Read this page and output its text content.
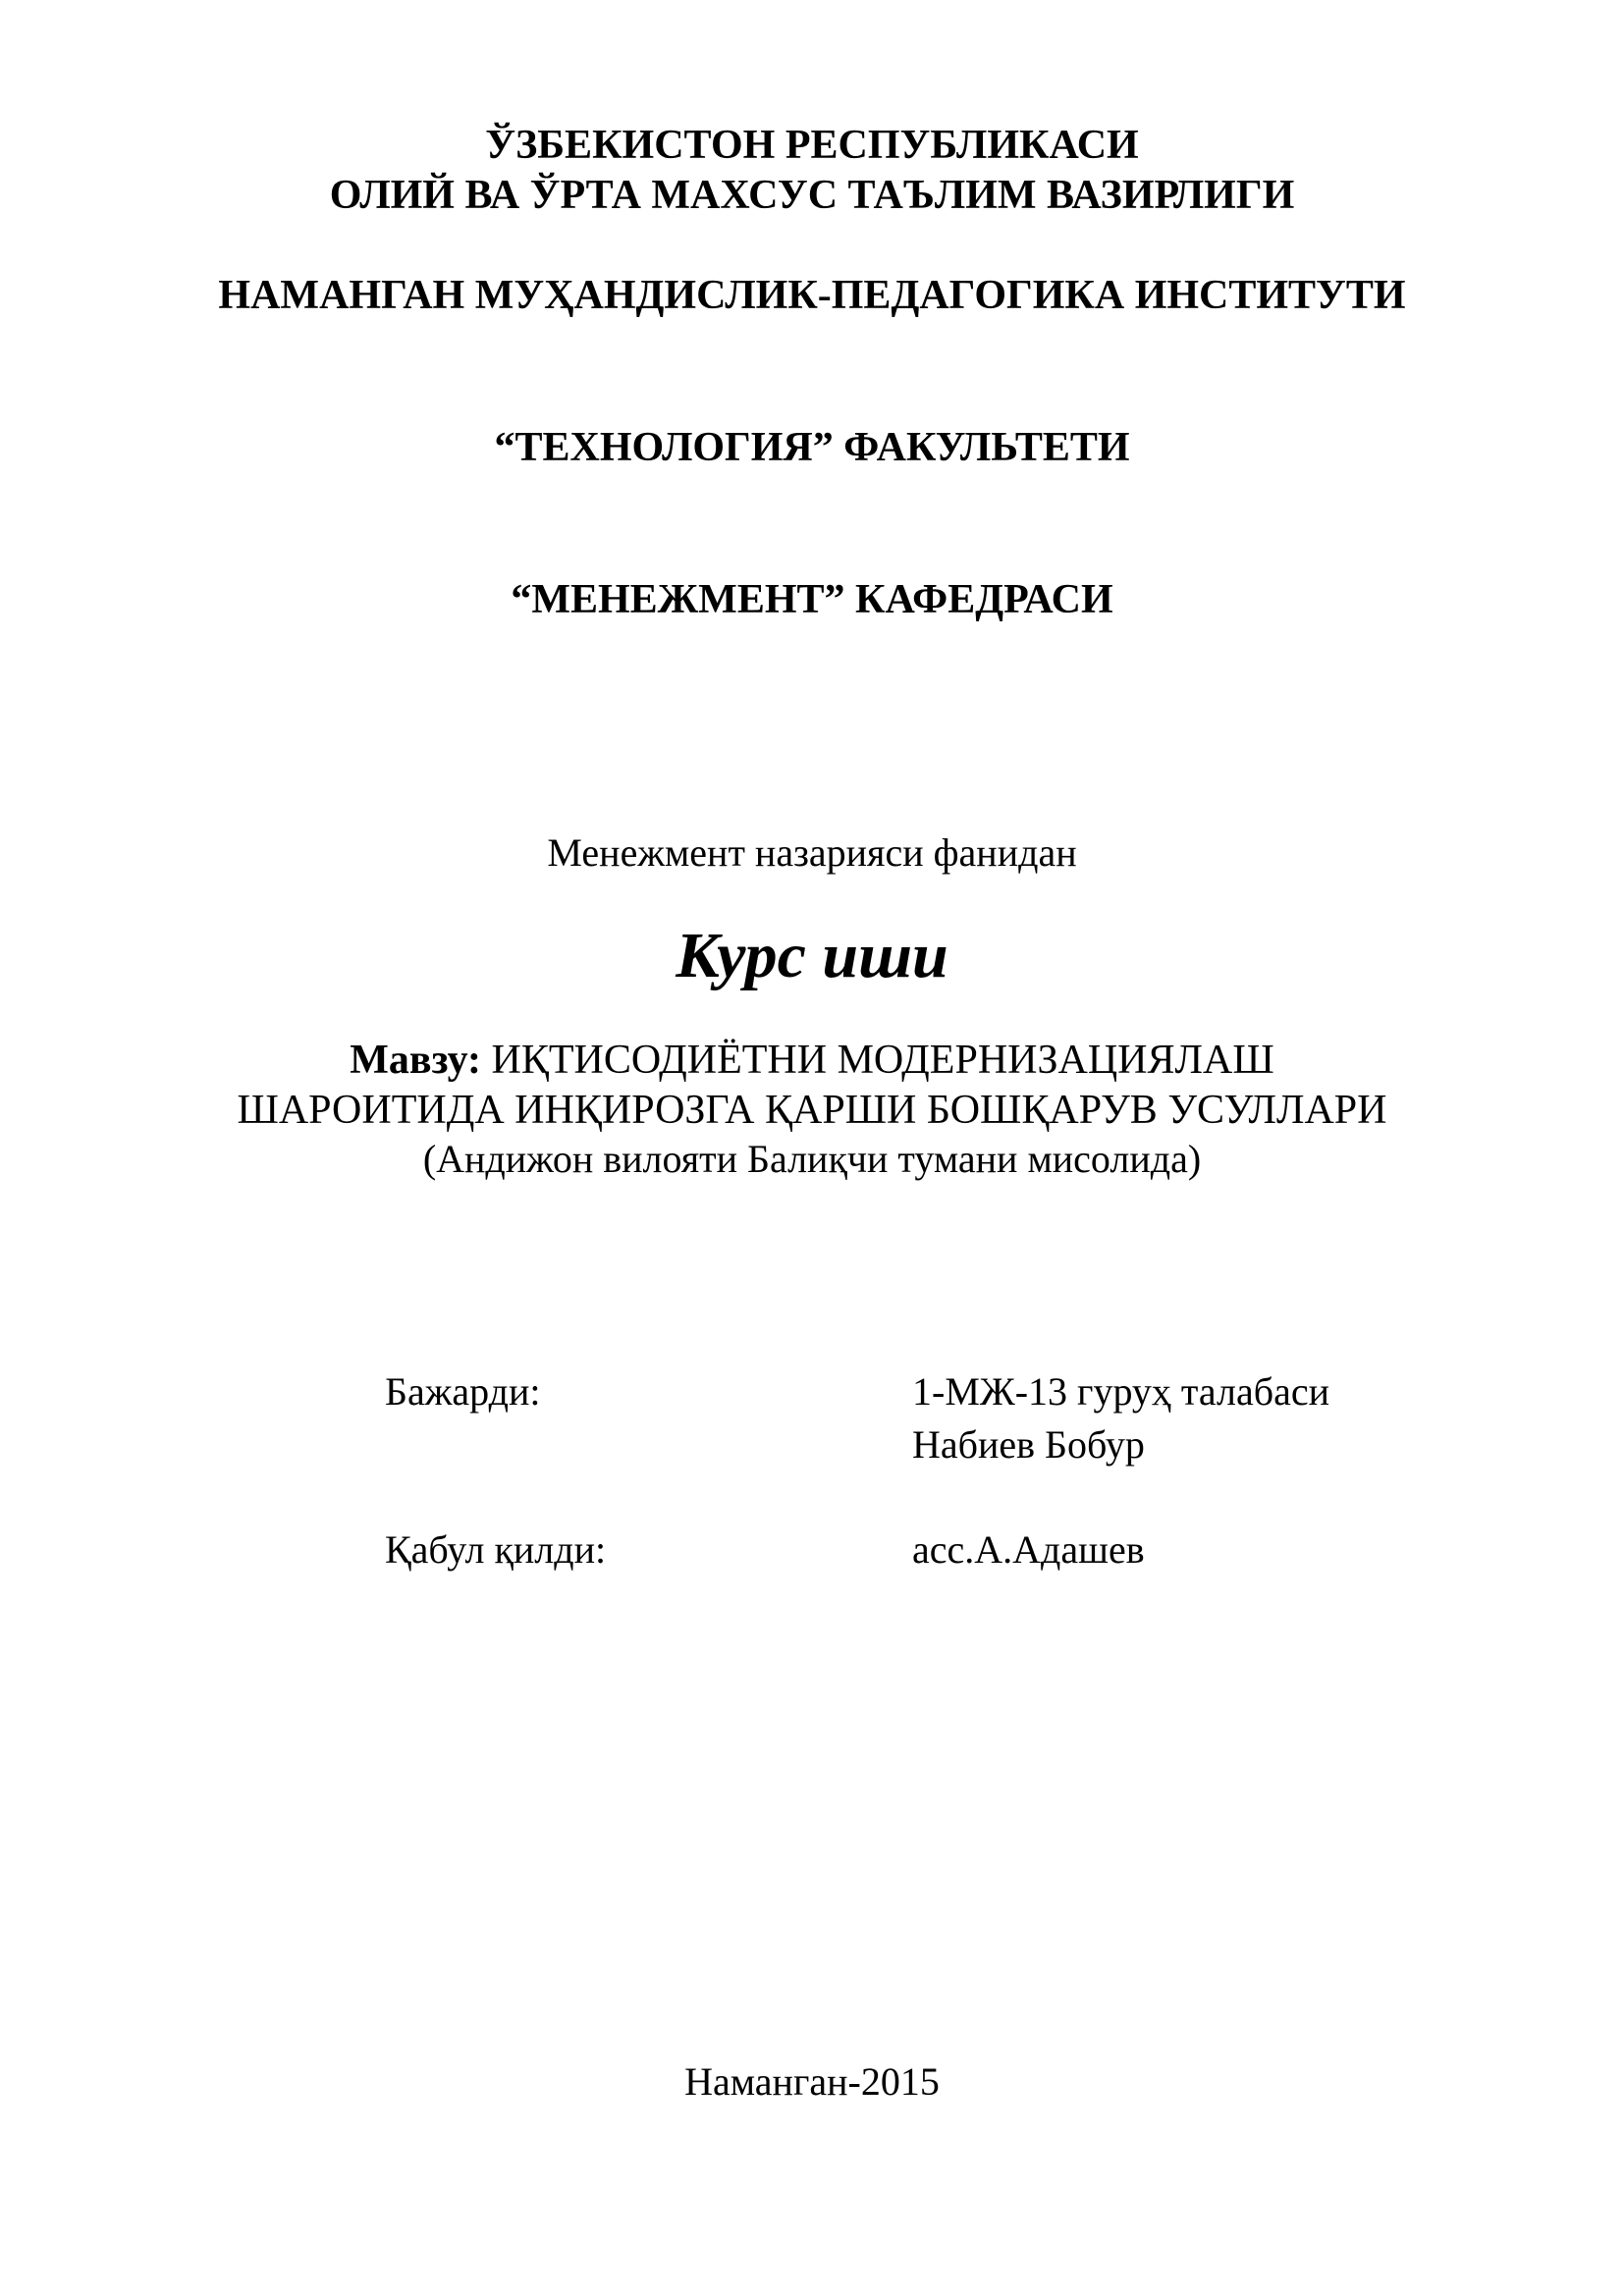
ЎЗБЕКИСТОН РЕСПУБЛИКАСИ
ОЛИЙ ВА ЎРТА МАХСУС ТАЪЛИМ ВАЗИРЛИГИ
НАМАНГАН МУҲАНДИСЛИК-ПЕДАГОГИКА ИНСТИТУТИ
“ТЕХНОЛОГИЯ” ФАКУЛЬТЕТИ
“МЕНЕЖМЕНТ” КАФЕДРАСИ
Менежмент назарияси фанидан
Курс иши
Мавзу: ИҚТИСОДИЁТНИ МОДЕРНИЗАЦИЯЛАШ
ШАРОИТИДА ИНҚИРОЗГА ҚАРШИ БОШҚАРУВ УСУЛЛАРИ
(Андижон вилояти Балиқчи тумани мисолида)
Бажарди:	1-МЖ-13 гуруҳ талабаси
Набиев Бобур
Қабул қилди:	асс.А.Адашев
Наманган-2015
